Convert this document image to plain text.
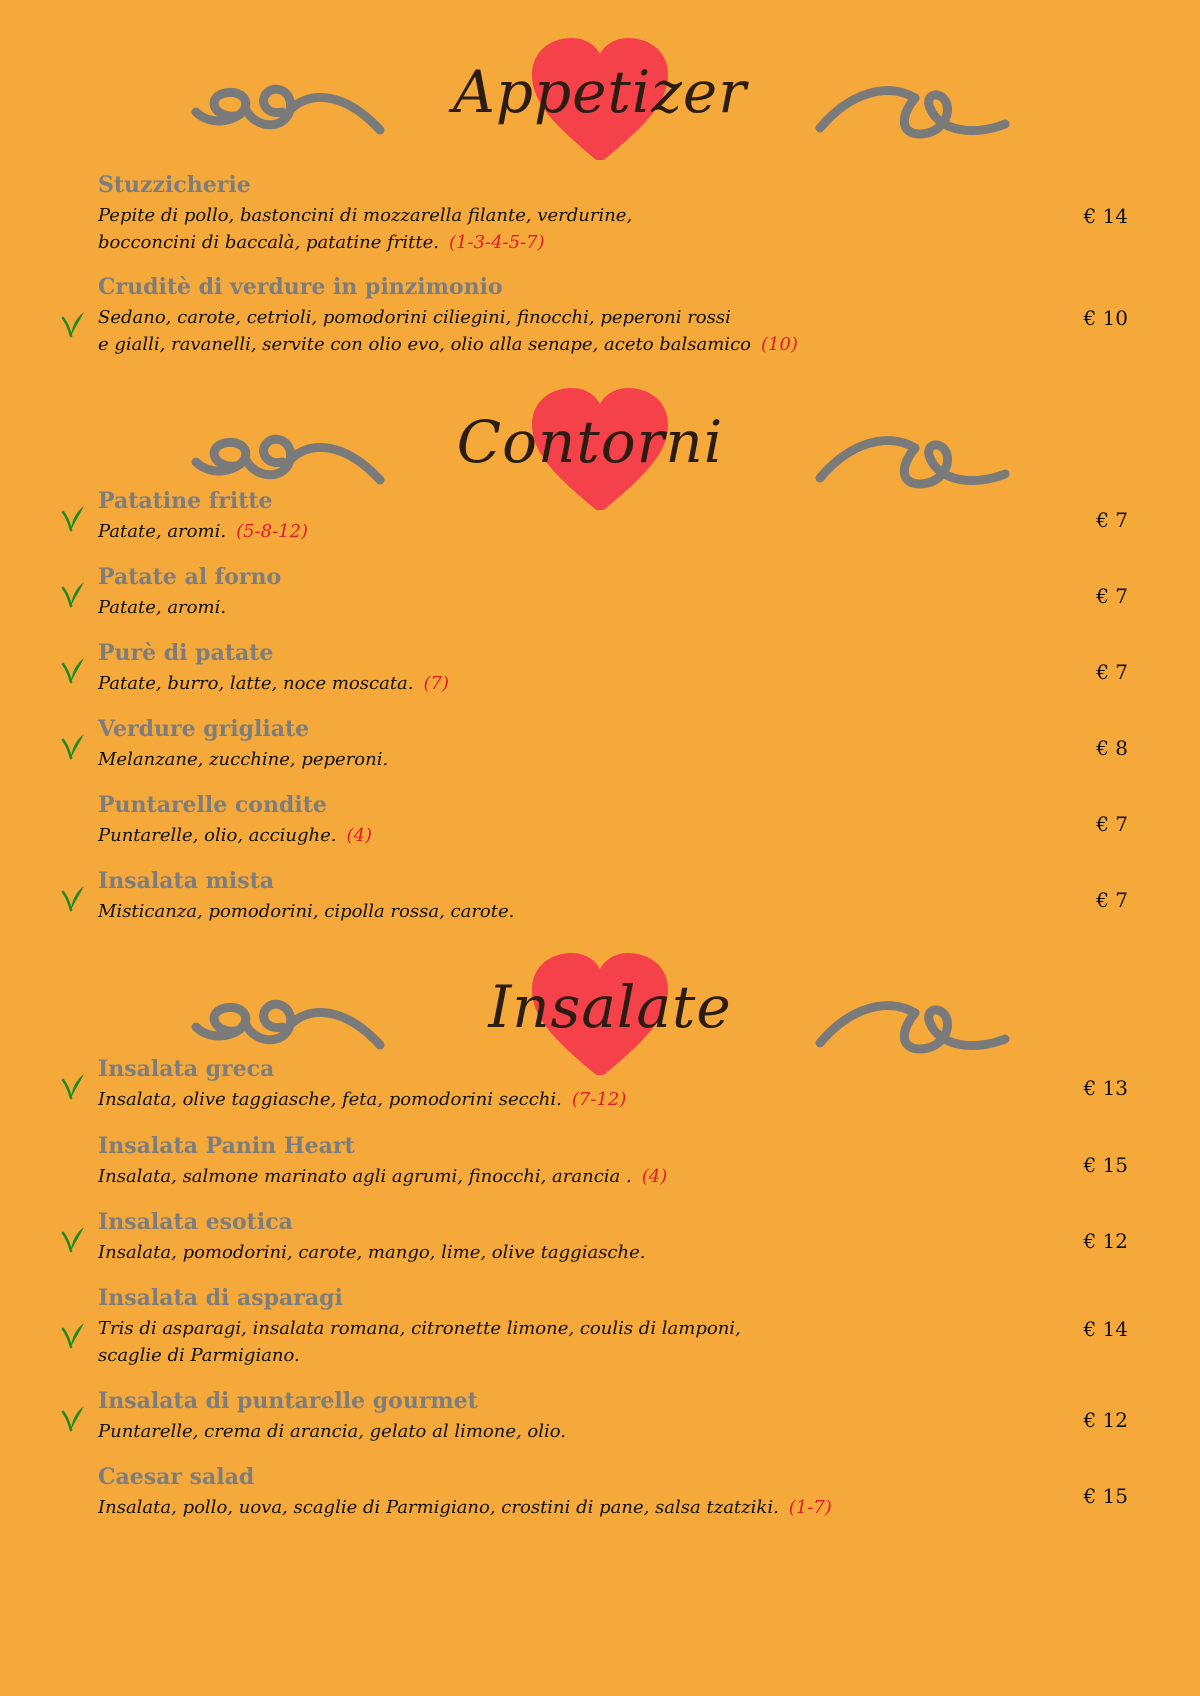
Appetizer
Stuzzicherie
Pepite di pollo, bastoncini di mozzarella filante, verdurine,
bocconcini di baccalà, patatine fritte. (1-3-4-5-7)
€ 14
Cruditè di verdure in pinzimonio
Sedano, carote, cetrioli, pomodorini ciliegini, finocchi, peperoni rossi
e gialli, ravanelli, servite con olio evo, olio alla senape, aceto balsamico (10)
€ 10
Contorni
Patatine fritte
Patate, aromi. (5-8-12)	€ 7
Patate al forno
Patate, aromi.	€ 7
Purè di patate
Patate, burro, latte, noce moscata. (7)	€ 7
Verdure grigliate
Melanzane, zucchine, peperoni.	€ 8
Puntarelle condite
Puntarelle, olio, acciughe. (4)	€ 7
Insalata mista
Misticanza, pomodorini, cipolla rossa, carote.	€ 7
Insalate
Insalata greca
Insalata, olive taggiasche, feta, pomodorini secchi. (7-12)	€ 13
Insalata Panin Heart
Insalata, salmone marinato agli agrumi, finocchi, arancia . (4)	€ 15
Insalata esotica
Insalata, pomodorini, carote, mango, lime, olive taggiasche.	€ 12
Insalata di asparagi
Tris di asparagi, insalata romana, citronette limone, coulis di lamponi,
scaglie di Parmigiano.
€ 14
Insalata di puntarelle gourmet
Puntarelle, crema di arancia, gelato al limone, olio.	€ 12
Caesar salad
Insalata, pollo, uova, scaglie di Parmigiano, crostini di pane, salsa tzatziki. (1-7)	€ 15
